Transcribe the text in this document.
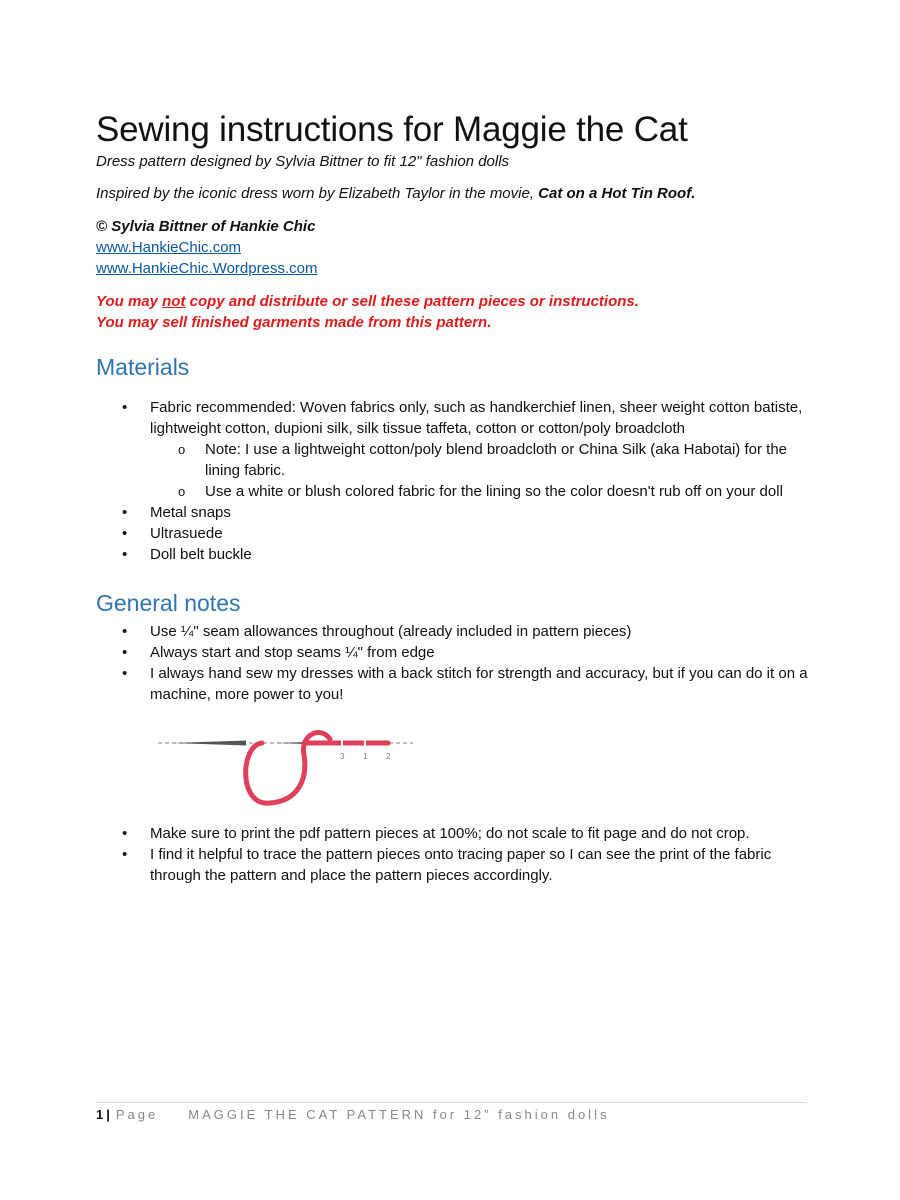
Sewing instructions for Maggie the Cat

Dress pattern designed by Sylvia Bittner to fit 12" fashion dolls

Inspired by the iconic dress worn by Elizabeth Taylor in the movie, Cat on a Hot Tin Roof.

© Sylvia Bittner of Hankie Chic

www.HankieChic.com
www.HankieChic.Wordpress.com

You may not copy and distribute or sell these pattern pieces or instructions.

You may sell finished garments made from this pattern.

Materials
• Fabric recommended: Woven fabrics only, such as handkerchief linen, sheer weight cotton batiste, lightweight cotton, dupioni silk, silk tissue taffeta, cotton or cotton/poly broadcloth
o Note: I use a lightweight cotton/poly blend broadcloth or China Silk (aka Habotai) for the lining fabric.
o Use a white or blush colored fabric for the lining so the color doesn't rub off on your doll
• Metal snaps
• Ultrasuede
• Doll belt buckle
General notes
• Use ¼" seam allowances throughout (already included in pattern pieces)
• Always start and stop seams ¼" from edge
• I always hand sew my dresses with a back stitch for strength and accuracy, but if you can do it on a machine, more power to you!
3 1 2
• Make sure to print the pdf pattern pieces at 100%; do not scale to fit page and do not crop.
• I find it helpful to trace the pattern pieces onto tracing paper so I can see the print of the fabric through the pattern and place the pattern pieces accordingly.
1 | Page MAGGIE THE CAT PATTERN for 12” fashion dolls
